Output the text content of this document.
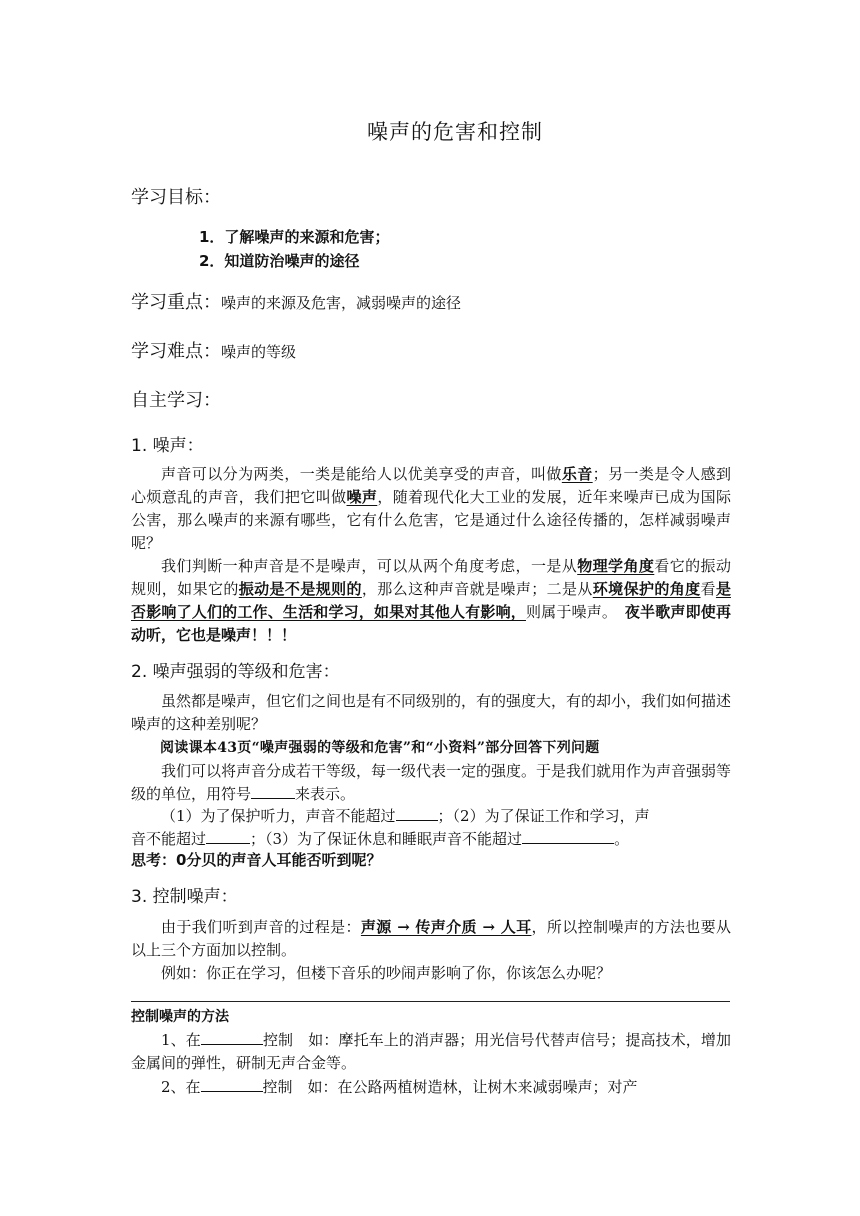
噪声的危害和控制
学习目标：
1．了解噪声的来源和危害；
2．知道防治噪声的途径
学习重点：噪声的来源及危害，减弱噪声的途径
学习难点：噪声的等级
自主学习：
1. 噪声：
声音可以分为两类，一类是能给人以优美享受的声音，叫做乐音；另一类是令人感到心烦意乱的声音，我们把它叫做噪声，随着现代化大工业的发展，近年来噪声已成为国际公害，那么噪声的来源有哪些，它有什么危害，它是通过什么途径传播的，怎样减弱噪声呢？
我们判断一种声音是不是噪声，可以从两个角度考虑，一是从物理学角度看它的振动规则，如果它的振动是不是规则的，那么这种声音就是噪声；二是从环境保护的角度看是否影响了人们的工作、生活和学习，如果对其他人有影响，则属于噪声。　 夜半歌声即使再动听，它也是噪声！！！
2. 噪声强弱的等级和危害：
虽然都是噪声，但它们之间也是有不同级别的，有的强度大，有的却小，我们如何描述噪声的这种差别呢？
阅读课本43页“噪声强弱的等级和危害”和“小资料”部分回答下列问题
我们可以将声音分成若干等级，每一级代表一定的强度。于是我们就用作为声音强弱等级的单位，用符号	来表示。
（1）为了保护听力，声音不能超过	；（2）为了保证工作和学习，声
音不能超过	；（3）为了保证休息和睡眠声音不能超过	。
思考：0分贝的声音人耳能否听到呢？
3. 控制噪声：
由于我们听到声音的过程是：声源 → 传声介质 → 人耳，所以控制噪声的方法也要从以上三个方面加以控制。
例如：你正在学习，但楼下音乐的吵闹声影响了你，你该怎么办呢？
控制噪声的方法
1、在	控制　如：摩托车上的消声器；用光信号代替声信号；提高技术，增加金属间的弹性，研制无声合金等。
2、在	控制　如：在公路两植树造林，让树木来减弱噪声；对产
